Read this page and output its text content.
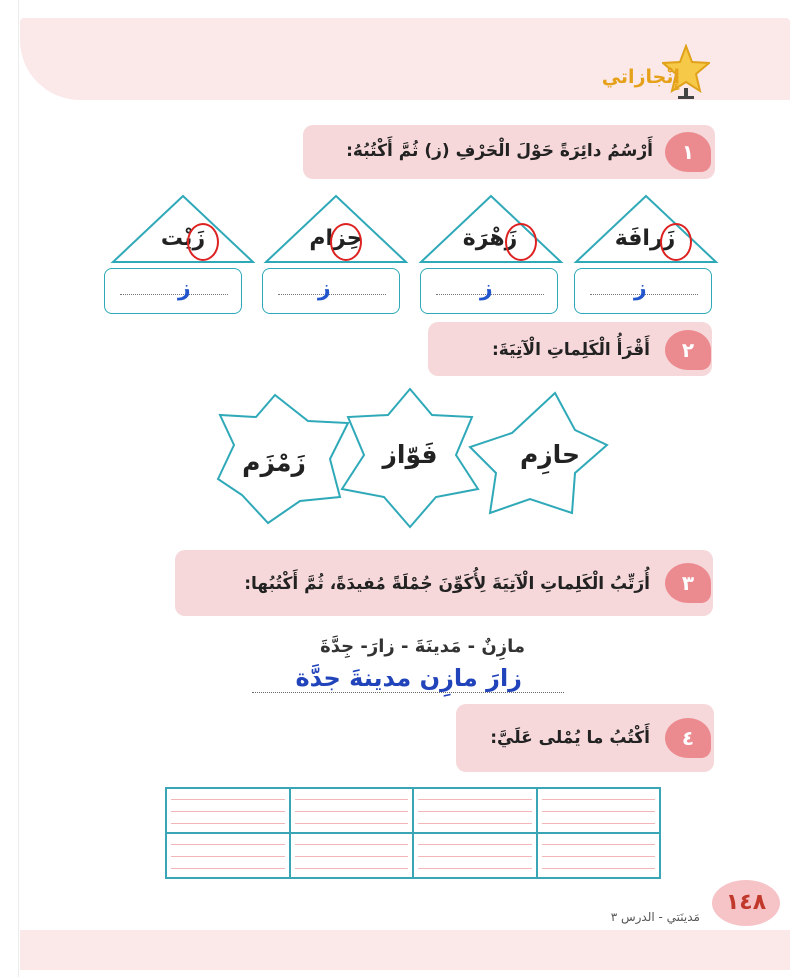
إِنْجازاتي
١
أَرْسُمُ دائِرَةً حَوْلَ الْحَرْفِ (ز) ثُمَّ أَكْتُبُهُ:
زَرافَة
زَهْرَة
حِزام
زَيْت
ز
ز
ز
ز
٢
أَقْرَأُ الْكَلِماتِ الْآتِيَةَ:
حازِم
فَوّاز
زَمْزَم
٣
أُرَتِّبُ الْكَلِماتِ الْآتِيَةَ لِأُكَوِّنَ جُمْلَةً مُفيدَةً، ثُمَّ أَكْتُبُها:
مازِنٌ - مَدينَةَ - زارَ- جِدَّةَ
زارَ مازِن مدينةَ جدَّة
٤
أَكْتُبُ ما يُمْلى عَلَيَّ:
١٤٨
مَدينَتي - الدرس ٣
